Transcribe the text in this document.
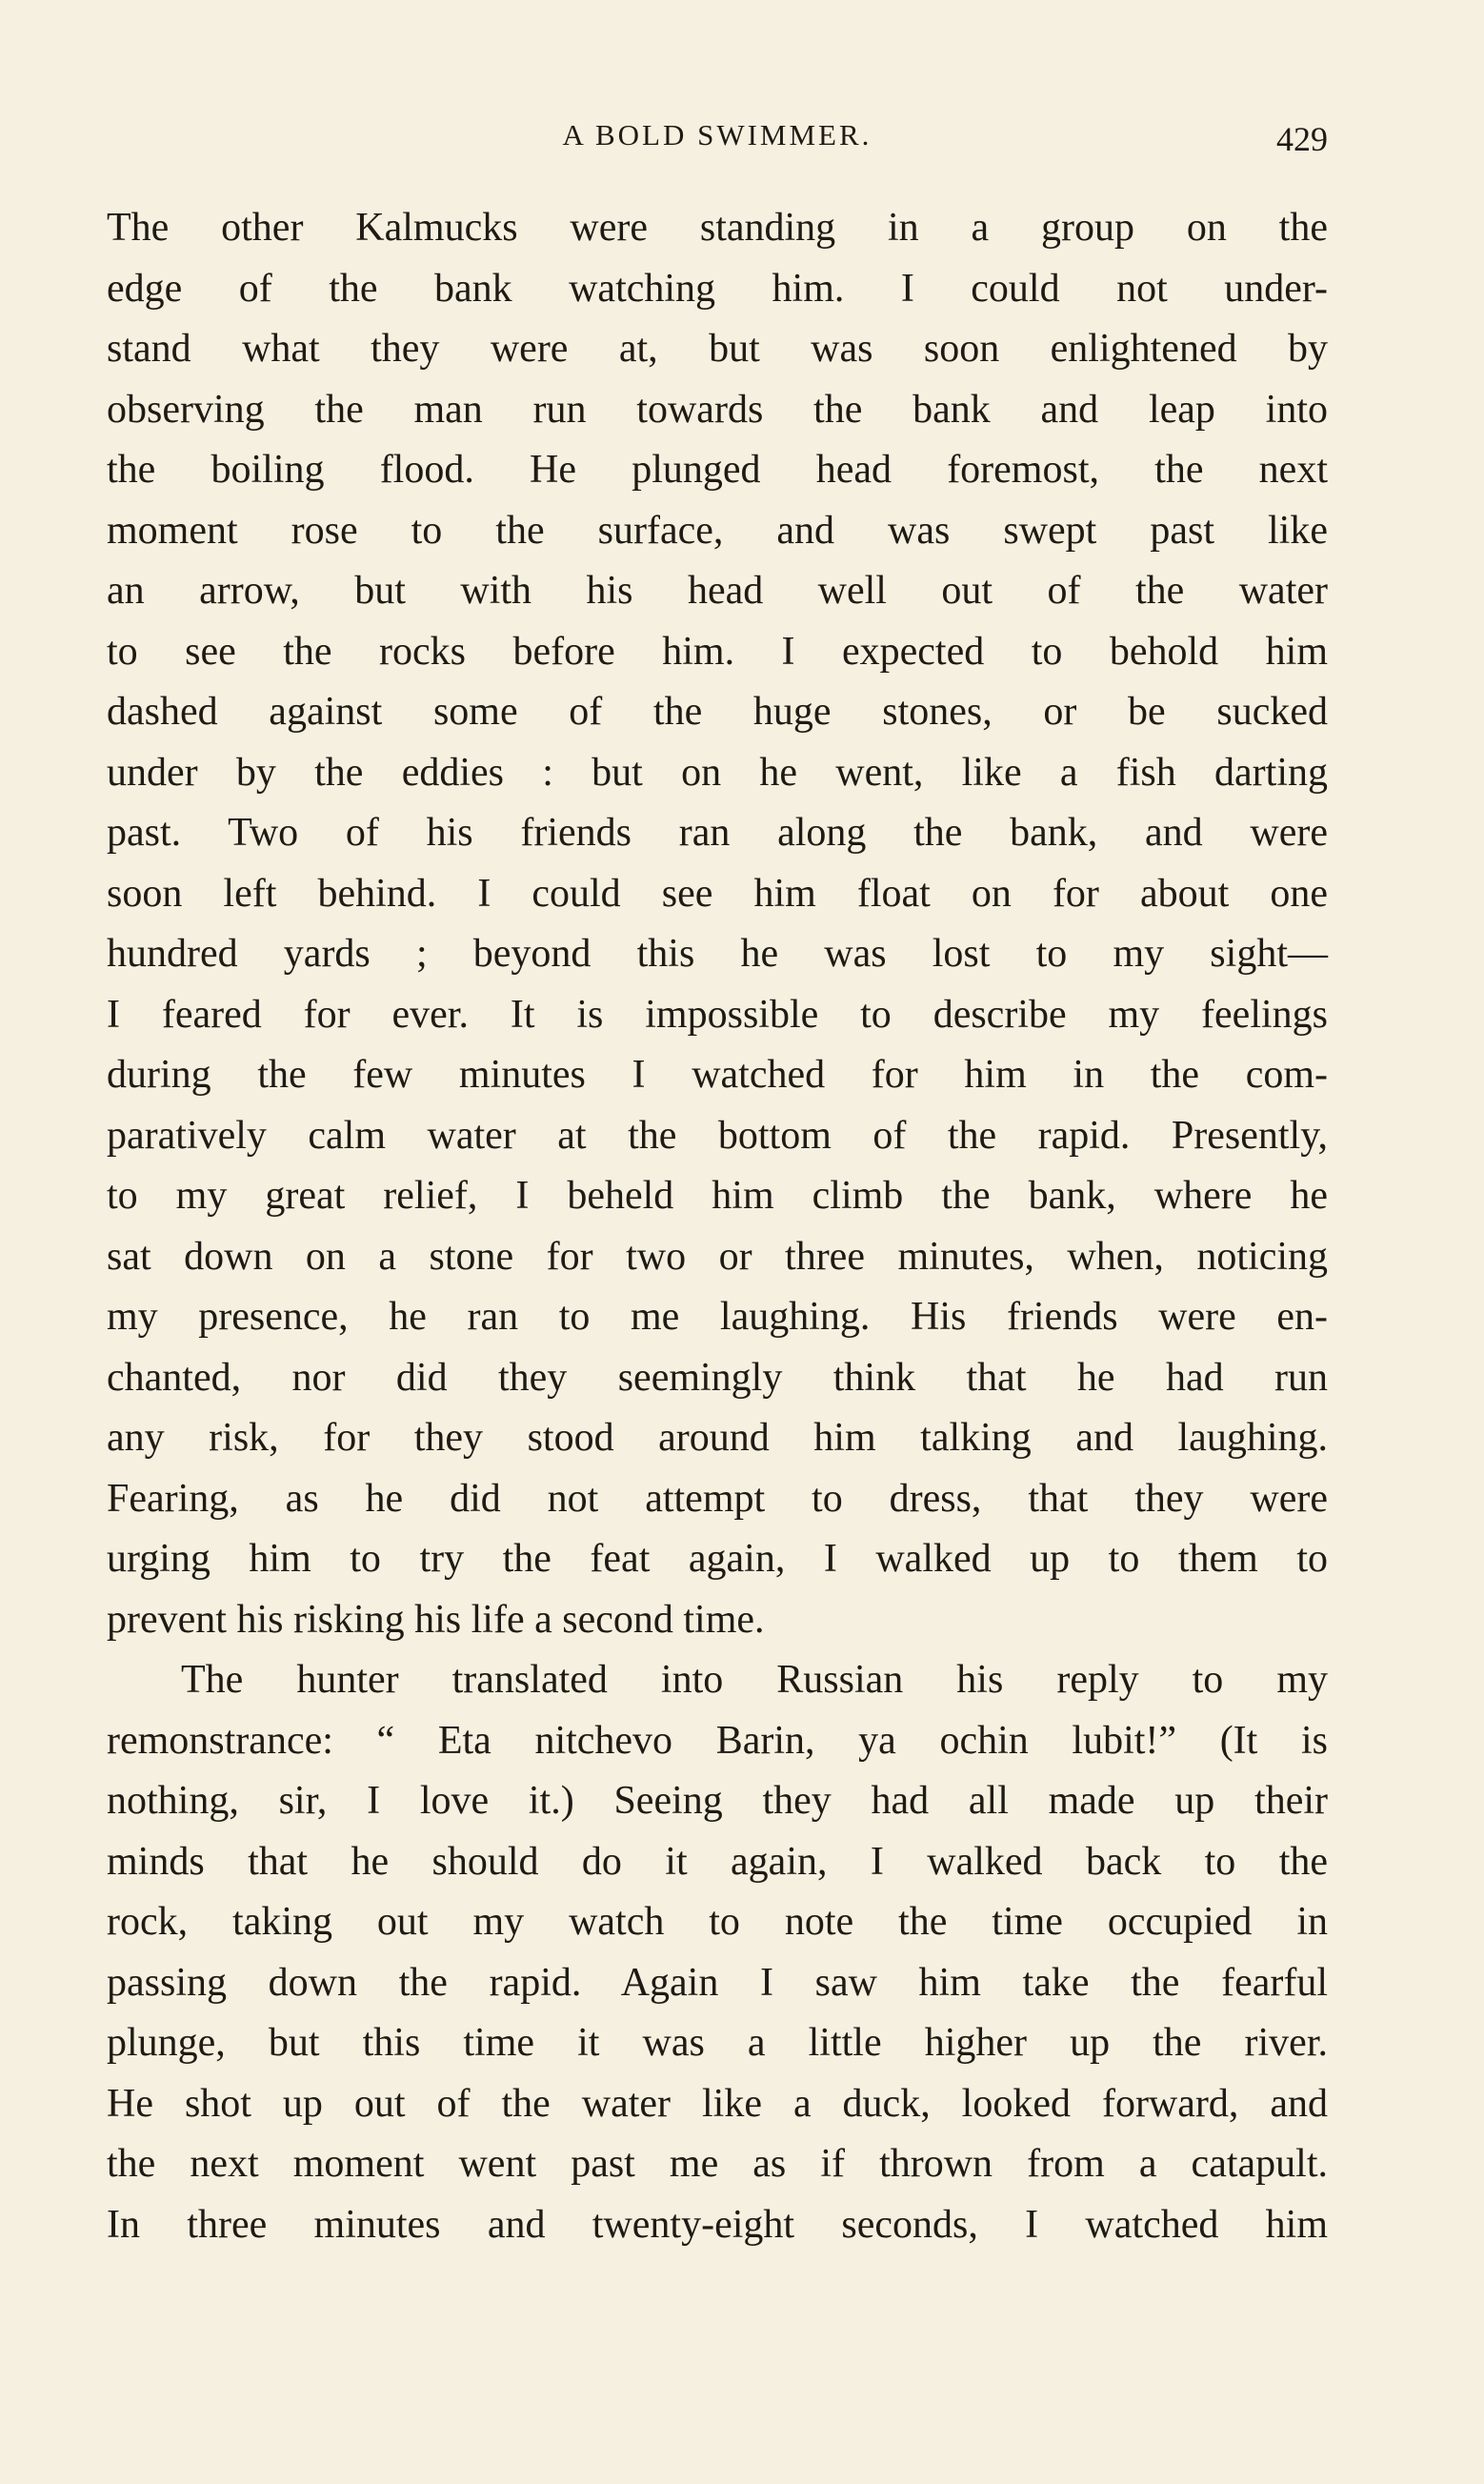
A BOLD SWIMMER.	429
The other Kalmucks were standing in a group on the
edge of the bank watching him. I could not under-
stand what they were at, but was soon enlightened by
observing the man run towards the bank and leap into
the boiling flood. He plunged head foremost, the next
moment rose to the surface, and was swept past like
an arrow, but with his head well out of the water
to see the rocks before him. I expected to behold him
dashed against some of the huge stones, or be sucked
under by the eddies : but on he went, like a fish darting
past. Two of his friends ran along the bank, and were
soon left behind. I could see him float on for about one
hundred yards ; beyond this he was lost to my sight—
I feared for ever. It is impossible to describe my feelings
during the few minutes I watched for him in the com-
paratively calm water at the bottom of the rapid. Presently,
to my great relief, I beheld him climb the bank, where he
sat down on a stone for two or three minutes, when, noticing
my presence, he ran to me laughing. His friends were en-
chanted, nor did they seemingly think that he had run
any risk, for they stood around him talking and laughing.
Fearing, as he did not attempt to dress, that they were
urging him to try the feat again, I walked up to them to
prevent his risking his life a second time.
The hunter translated into Russian his reply to my
remonstrance: “ Eta nitchevo Barin, ya ochin lubit!” (It is
nothing, sir, I love it.) Seeing they had all made up their
minds that he should do it again, I walked back to the
rock, taking out my watch to note the time occupied in
passing down the rapid. Again I saw him take the fearful
plunge, but this time it was a little higher up the river.
He shot up out of the water like a duck, looked forward, and
the next moment went past me as if thrown from a catapult.
In three minutes and twenty-eight seconds, I watched him
